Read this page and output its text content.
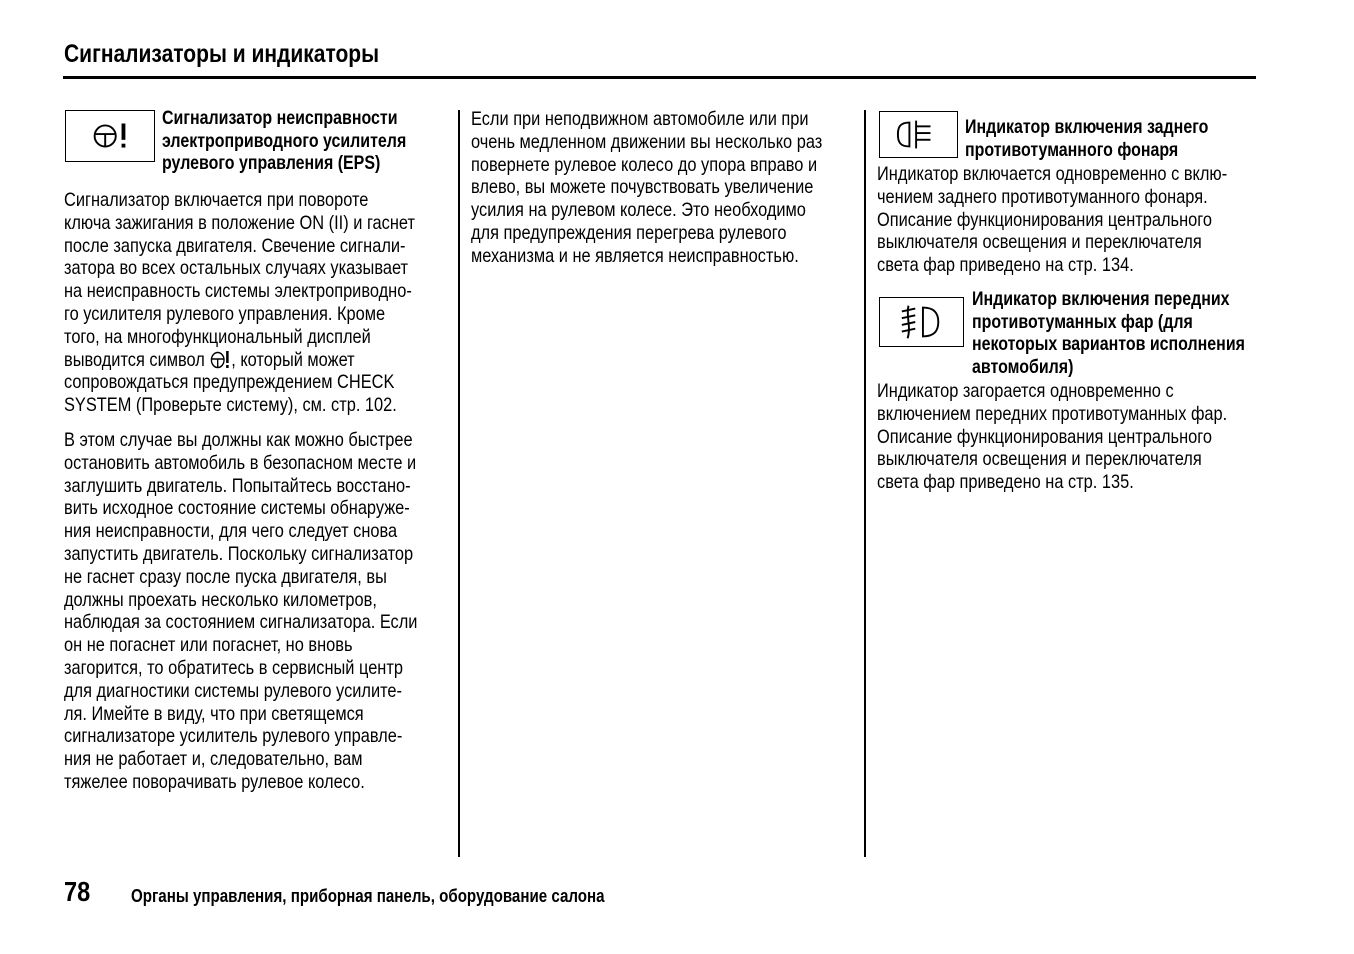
Сигнализаторы и индикаторы
Сигнализатор неисправности
электроприводного усилителя
рулевого управления (EPS)
Сигнализатор включается при повороте
ключа зажигания в положение ON (II) и гаснет
после запуска двигателя. Свечение сигнали-
затора во всех остальных случаях указывает
на неисправность системы электроприводно-
го усилителя рулевого управления. Кроме
того, на многофункциональный дисплей
выводится символ , который может
сопровождаться предупреждением CHECK
SYSTEM (Проверьте систему), см. стр. 102.
В этом случае вы должны как можно быстрее
остановить автомобиль в безопасном месте и
заглушить двигатель. Попытайтесь восстано-
вить исходное состояние системы обнаруже-
ния неисправности, для чего следует снова
запустить двигатель. Поскольку сигнализатор
не гаснет сразу после пуска двигателя, вы
должны проехать несколько километров,
наблюдая за состоянием сигнализатора. Если
он не погаснет или погаснет, но вновь
загорится, то обратитесь в сервисный центр
для диагностики системы рулевого усилите-
ля. Имейте в виду, что при светящемся
сигнализаторе усилитель рулевого управле-
ния не работает и, следовательно, вам
тяжелее поворачивать рулевое колесо.
Если при неподвижном автомобиле или при
очень медленном движении вы несколько раз
повернете рулевое колесо до упора вправо и
влево, вы можете почувствовать увеличение
усилия на рулевом колесе. Это необходимо
для предупреждения перегрева рулевого
механизма и не является неисправностью.
Индикатор включения заднего
противотуманного фонаря
Индикатор включается одновременно с вклю-
чением заднего противотуманного фонаря.
Описание функционирования центрального
выключателя освещения и переключателя
света фар приведено на стр. 134.
Индикатор включения передних
противотуманных фар (для
некоторых вариантов исполнения
автомобиля)
Индикатор загорается одновременно с
включением передних противотуманных фар.
Описание функционирования центрального
выключателя освещения и переключателя
света фар приведено на стр. 135.
78 Органы управления, приборная панель, оборудование салона
